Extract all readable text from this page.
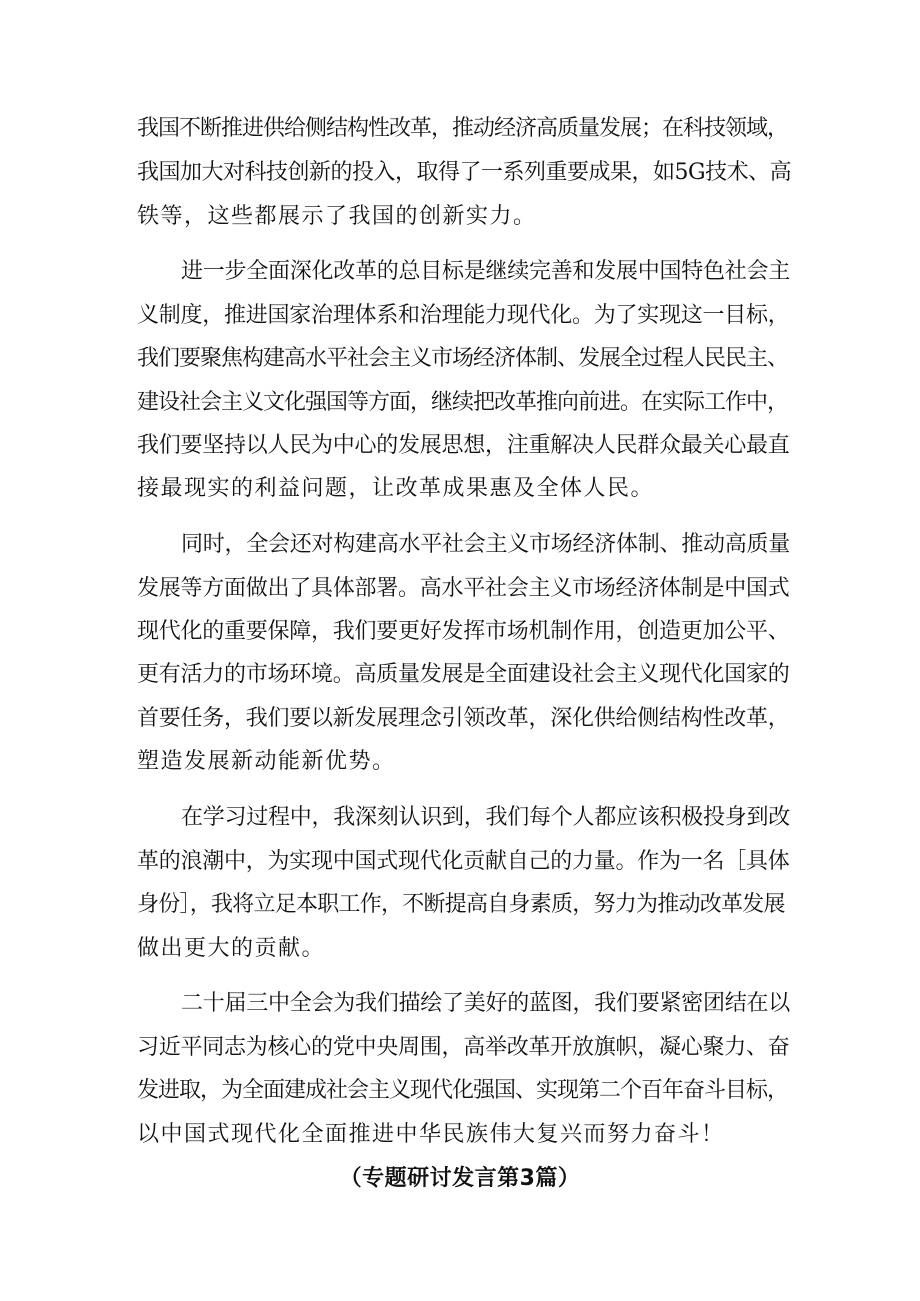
我国不断推进供给侧结构性改革，推动经济高质量发展；在科技领域，
我国加大对科技创新的投入，取得了一系列重要成果，如5G技术、高
铁等，这些都展示了我国的创新实力。
进一步全面深化改革的总目标是继续完善和发展中国特色社会主
义制度，推进国家治理体系和治理能力现代化。为了实现这一目标，
我们要聚焦构建高水平社会主义市场经济体制、发展全过程人民民主、
建设社会主义文化强国等方面，继续把改革推向前进。在实际工作中，
我们要坚持以人民为中心的发展思想，注重解决人民群众最关心最直
接最现实的利益问题，让改革成果惠及全体人民。
同时，全会还对构建高水平社会主义市场经济体制、推动高质量
发展等方面做出了具体部署。高水平社会主义市场经济体制是中国式
现代化的重要保障，我们要更好发挥市场机制作用，创造更加公平、
更有活力的市场环境。高质量发展是全面建设社会主义现代化国家的
首要任务，我们要以新发展理念引领改革，深化供给侧结构性改革，
塑造发展新动能新优势。
在学习过程中，我深刻认识到，我们每个人都应该积极投身到改
革的浪潮中，为实现中国式现代化贡献自己的力量。作为一名［具体
身份］，我将立足本职工作，不断提高自身素质，努力为推动改革发展
做出更大的贡献。
二十届三中全会为我们描绘了美好的蓝图，我们要紧密团结在以
习近平同志为核心的党中央周围，高举改革开放旗帜，凝心聚力、奋
发进取，为全面建成社会主义现代化强国、实现第二个百年奋斗目标，
以中国式现代化全面推进中华民族伟大复兴而努力奋斗！
（专题研讨发言第3篇）
